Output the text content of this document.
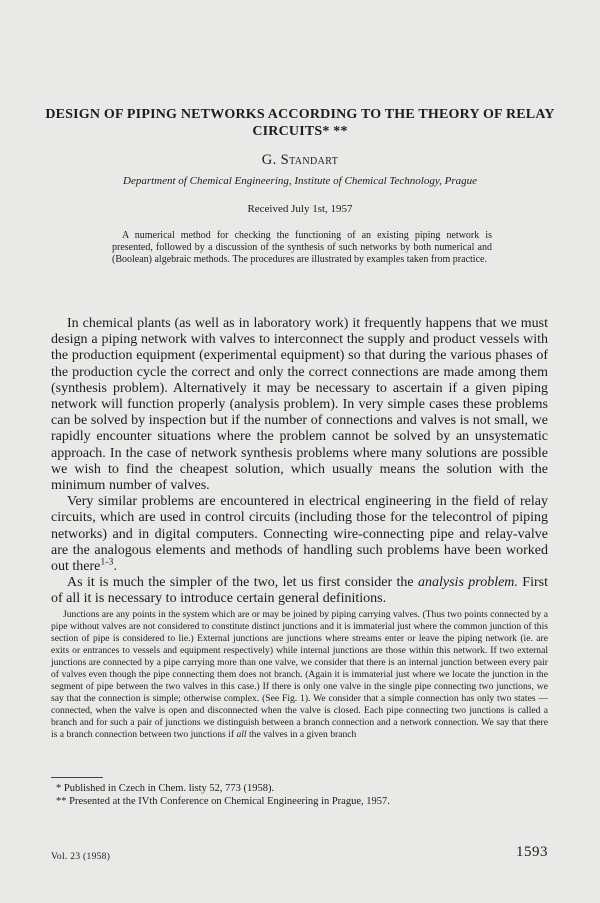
DESIGN OF PIPING NETWORKS ACCORDING TO THE THEORY OF RELAY CIRCUITS* **
G. Standart
Department of Chemical Engineering, Institute of Chemical Technology, Prague
Received July 1st, 1957
A numerical method for checking the functioning of an existing piping network is presented, followed by a discussion of the synthesis of such networks by both numerical and (Boolean) algebraic methods. The procedures are illustrated by examples taken from practice.

In chemical plants (as well as in laboratory work) it frequently happens that we must design a piping network with valves to interconnect the supply and product vessels with the production equipment (experimental equipment) so that during the various phases of the production cycle the correct and only the correct connections are made among them (synthesis problem). Alternatively it may be necessary to ascertain if a given piping network will function properly (analysis problem). In very simple cases these problems can be solved by inspection but if the number of connections and valves is not small, we rapidly encounter situations where the problem cannot be solved by an unsystematic approach. In the case of network synthesis problems where many solutions are possible we wish to find the cheapest solution, which usually means the solution with the minimum number of valves.

Very similar problems are encountered in electrical engineering in the field of relay circuits, which are used in control circuits (including those for the telecontrol of piping networks) and in digital computers. Connecting wire-connecting pipe and relay-valve are the analogous elements and methods of handling such problems have been worked out there$^{1-3}$.

As it is much the simpler of the two, let us first consider the analysis problem. First of all it is necessary to introduce certain general definitions.

Junctions are any points in the system which are or may be joined by piping carrying valves. (Thus two points connected by a pipe without valves are not considered to constitute distinct junctions and it is immaterial just where the common junction of this section of pipe is considered to lie.) External junctions are junctions where streams enter or leave the piping network (ie. are exits or entrances to vessels and equipment respectively) while internal junctions are those within this network. If two external junctions are connected by a pipe carrying more than one valve, we consider that there is an internal junction between every pair of valves even though the pipe connecting them does not branch. (Again it is immaterial just where we locate the junction in the segment of pipe between the two valves in this case.) If there is only one valve in the single pipe connecting two junctions, we say that the connection is simple; otherwise complex. (See Fig. 1). We consider that a simple connection has only two states — connected, when the valve is open and disconnected when the valve is closed. Each pipe connecting two junctions is called a branch and for such a pair of junctions we distinguish between a branch connection and a network connection. We say that there is a branch connection between two junctions if all the valves in a given branch
* Published in Czech in Chem. listy 52, 773 (1958).
** Presented at the IVth Conference on Chemical Engineering in Prague, 1957.
Vol. 23 (1958)	1593
